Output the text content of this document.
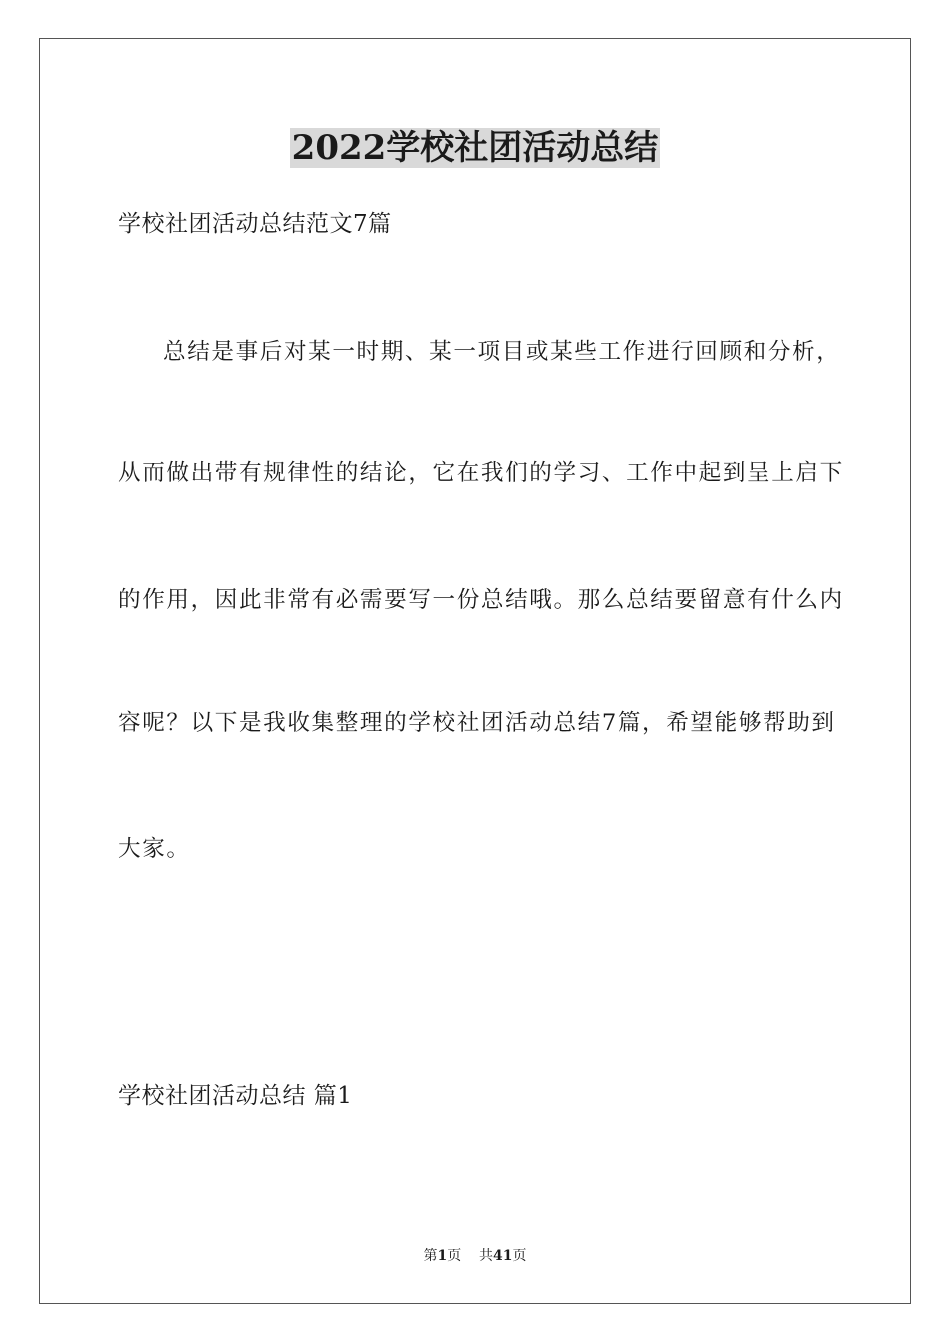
2022学校社团活动总结

学校社团活动总结范文7篇

总结是事后对某一时期、某一项目或某些工作进行回顾和分析，

从而做出带有规律性的结论，它在我们的学习、工作中起到呈上启下

的作用，因此非常有必需要写一份总结哦。那么总结要留意有什么内

容呢？以下是我收集整理的学校社团活动总结7篇，希望能够帮助到

大家。

学校社团活动总结 篇1

第1页 共41页
